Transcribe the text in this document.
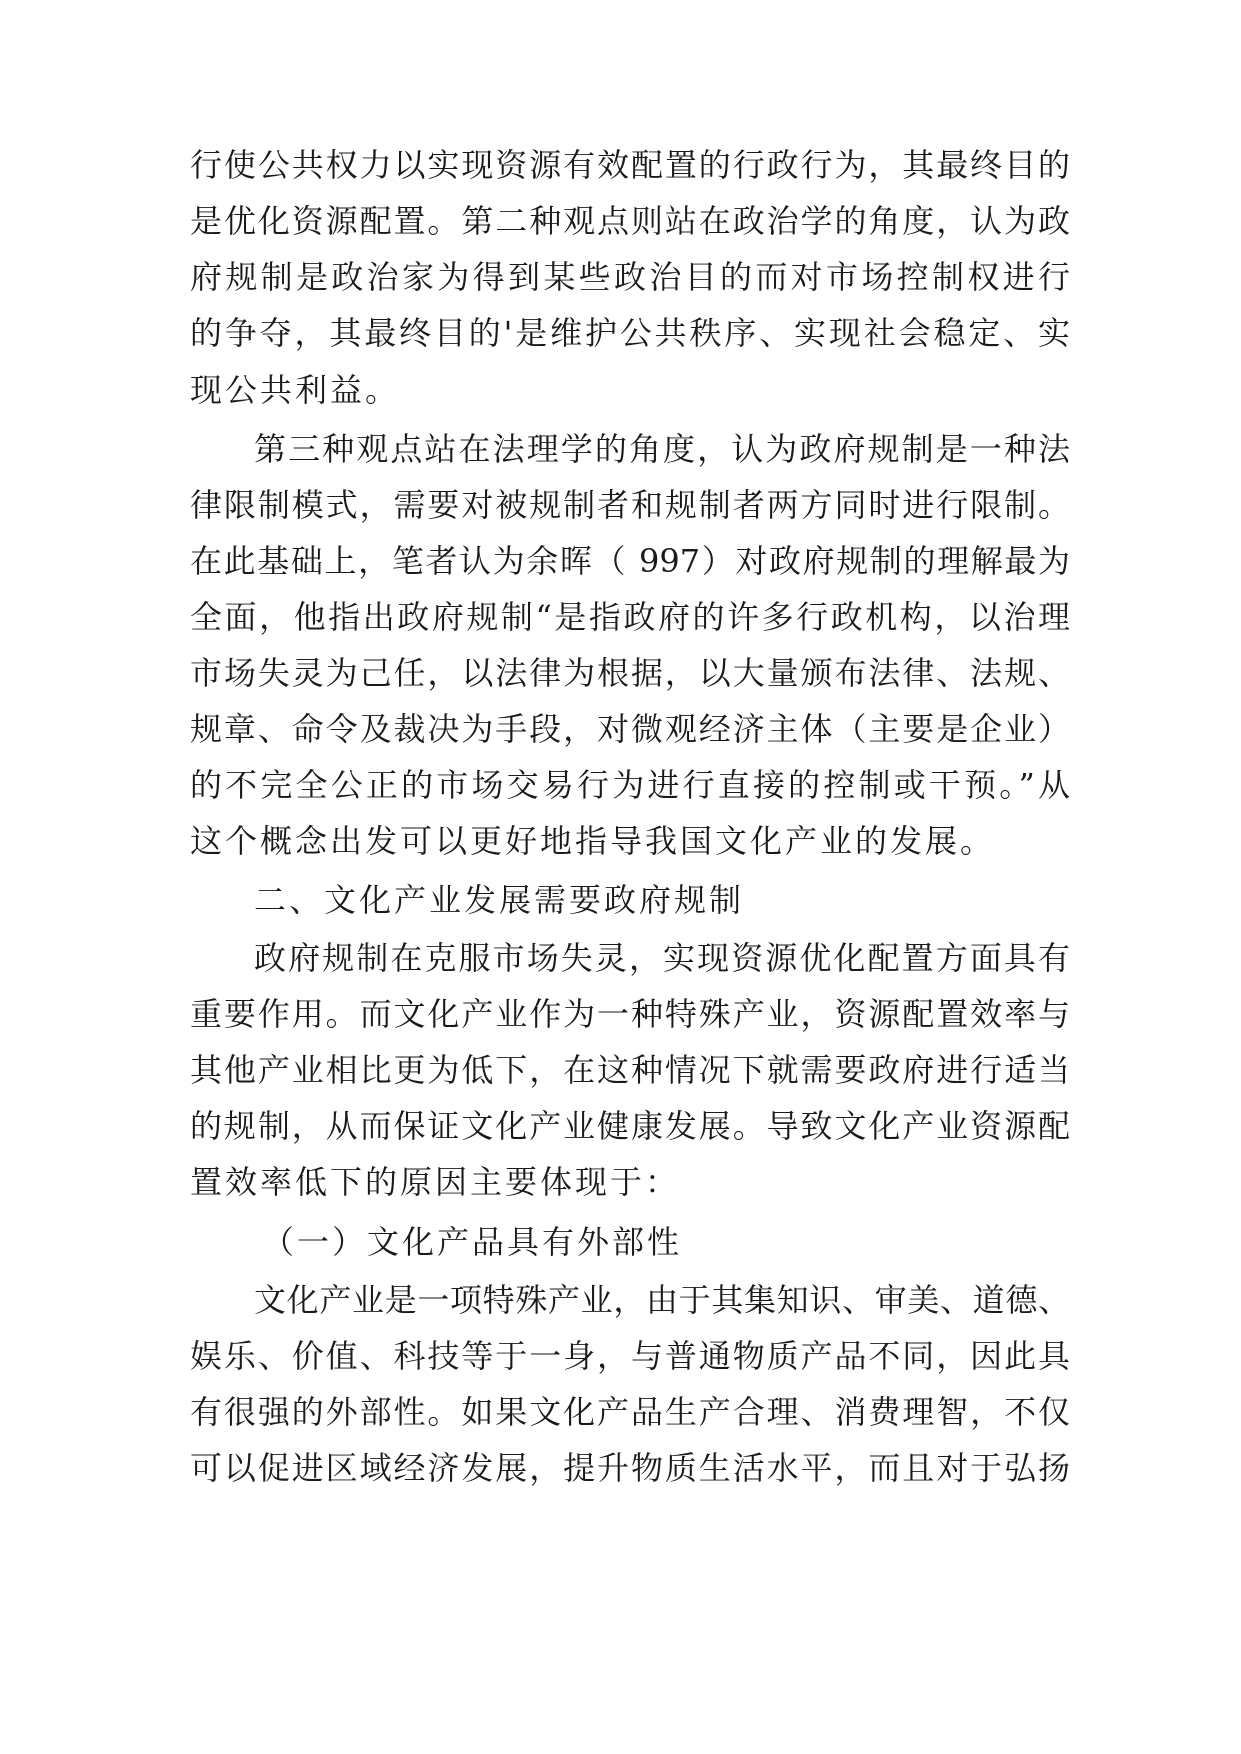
行使公共权力以实现资源有效配置的行政行为，其最终目的

是优化资源配置。第二种观点则站在政治学的角度，认为政

府规制是政治家为得到某些政治目的而对市场控制权进行

的争夺，其最终目的'是维护公共秩序、实现社会稳定、实

现公共利益。

第三种观点站在法理学的角度，认为政府规制是一种法

律限制模式，需要对被规制者和规制者两方同时进行限制。

在此基础上，笔者认为余晖（ 997）对政府规制的理解最为

全面，他指出政府规制“是指政府的许多行政机构，以治理

市场失灵为己任，以法律为根据，以大量颁布法律、法规、

规章、命令及裁决为手段，对微观经济主体（主要是企业）

的不完全公正的市场交易行为进行直接的控制或干预。”从

这个概念出发可以更好地指导我国文化产业的发展。

二、文化产业发展需要政府规制

政府规制在克服市场失灵，实现资源优化配置方面具有

重要作用。而文化产业作为一种特殊产业，资源配置效率与

其他产业相比更为低下，在这种情况下就需要政府进行适当

的规制，从而保证文化产业健康发展。导致文化产业资源配

置效率低下的原因主要体现于：

（一）文化产品具有外部性

文化产业是一项特殊产业，由于其集知识、审美、道德、

娱乐、价值、科技等于一身，与普通物质产品不同，因此具

有很强的外部性。如果文化产品生产合理、消费理智，不仅

可以促进区域经济发展，提升物质生活水平，而且对于弘扬
